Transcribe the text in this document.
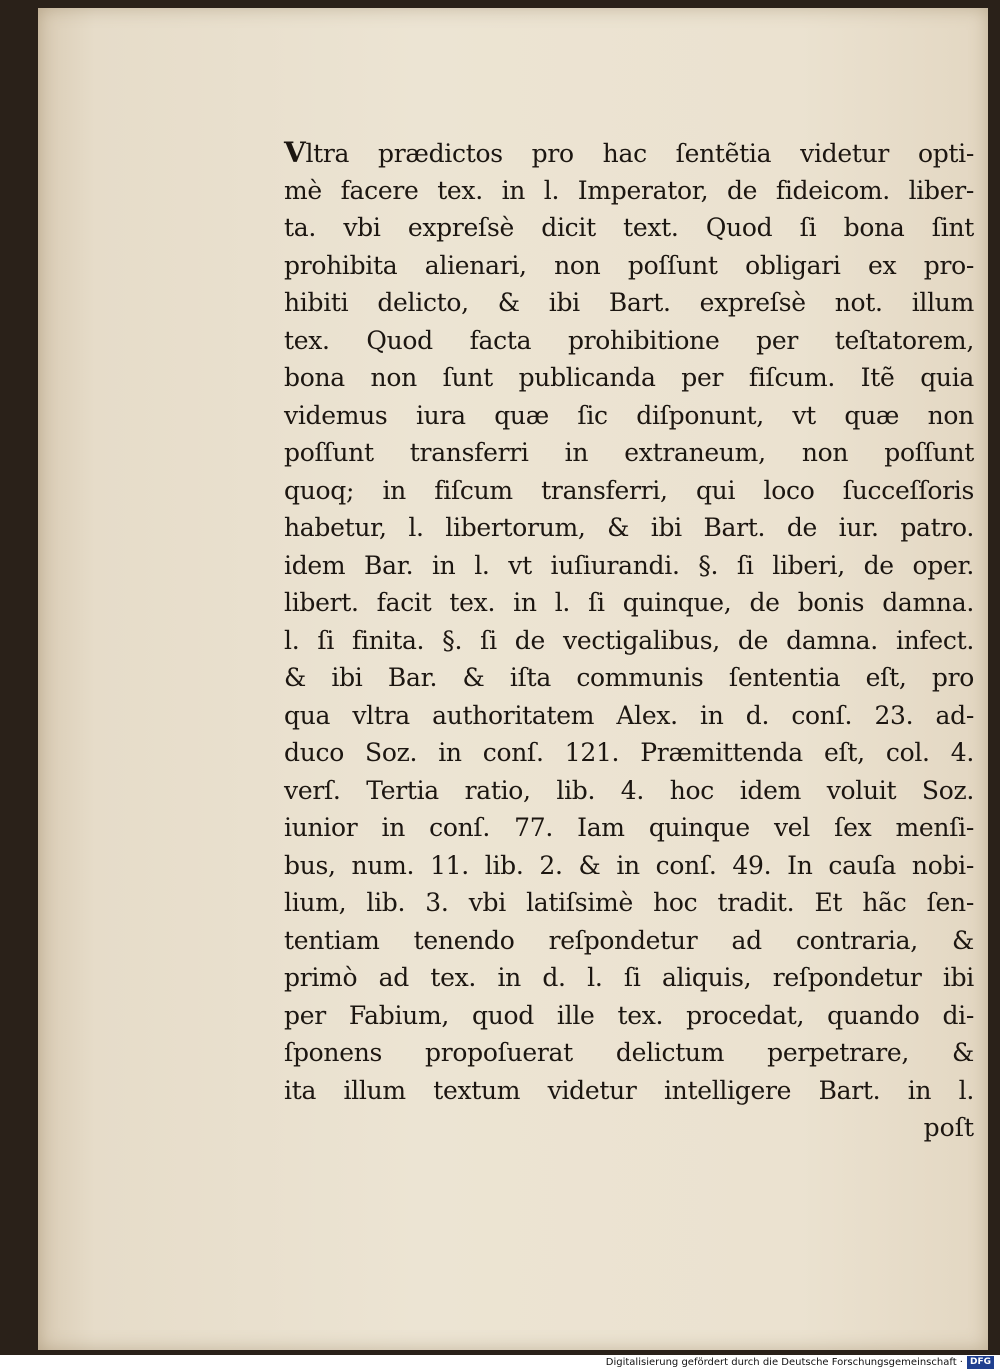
Vltra prædictos pro hac ſentẽtia videtur opti-
mè facere tex. in l. Imperator, de fideicom. liber-
ta. vbi expreſsè dicit text. Quod ſi bona ſint
prohibita alienari, non poſſunt obligari ex pro-
hibiti delicto, & ibi Bart. expreſsè not. illum
tex. Quod facta prohibitione per teſtatorem,
bona non ſunt publicanda per fiſcum. Itẽ quia
videmus iura quæ ſic diſponunt, vt quæ non
poſſunt transferri in extraneum, non poſſunt
quoq; in fiſcum transferri, qui loco ſucceſſoris
habetur, l. libertorum, & ibi Bart. de iur. patro.
idem Bar. in l. vt iuſiurandi. §. ſi liberi, de oper.
libert. facit tex. in l. ſi quinque, de bonis damna.
l. ſi finita. §. ſi de vectigalibus, de damna. infect.
& ibi Bar. & iſta communis ſententia eſt, pro
qua vltra authoritatem Alex. in d. conſ. 23. ad-
duco Soz. in conſ. 121. Præmittenda eſt, col. 4.
verſ. Tertia ratio, lib. 4. hoc idem voluit Soz.
iunior in conſ. 77. Iam quinque vel ſex menſi-
bus, num. 11. lib. 2. & in conſ. 49. In cauſa nobi-
lium, lib. 3. vbi latiſsimè hoc tradit. Et hãc ſen-
tentiam tenendo reſpondetur ad contraria, &
primò ad tex. in d. l. ſi aliquis, reſpondetur ibi
per Fabium, quod ille tex. procedat, quando di-
ſponens propoſuerat delictum perpetrare, &
ita illum textum videtur intelligere Bart. in l.
poſt
Digitalisierung gefördert durch die Deutsche Forschungsgemeinschaft · DFG
